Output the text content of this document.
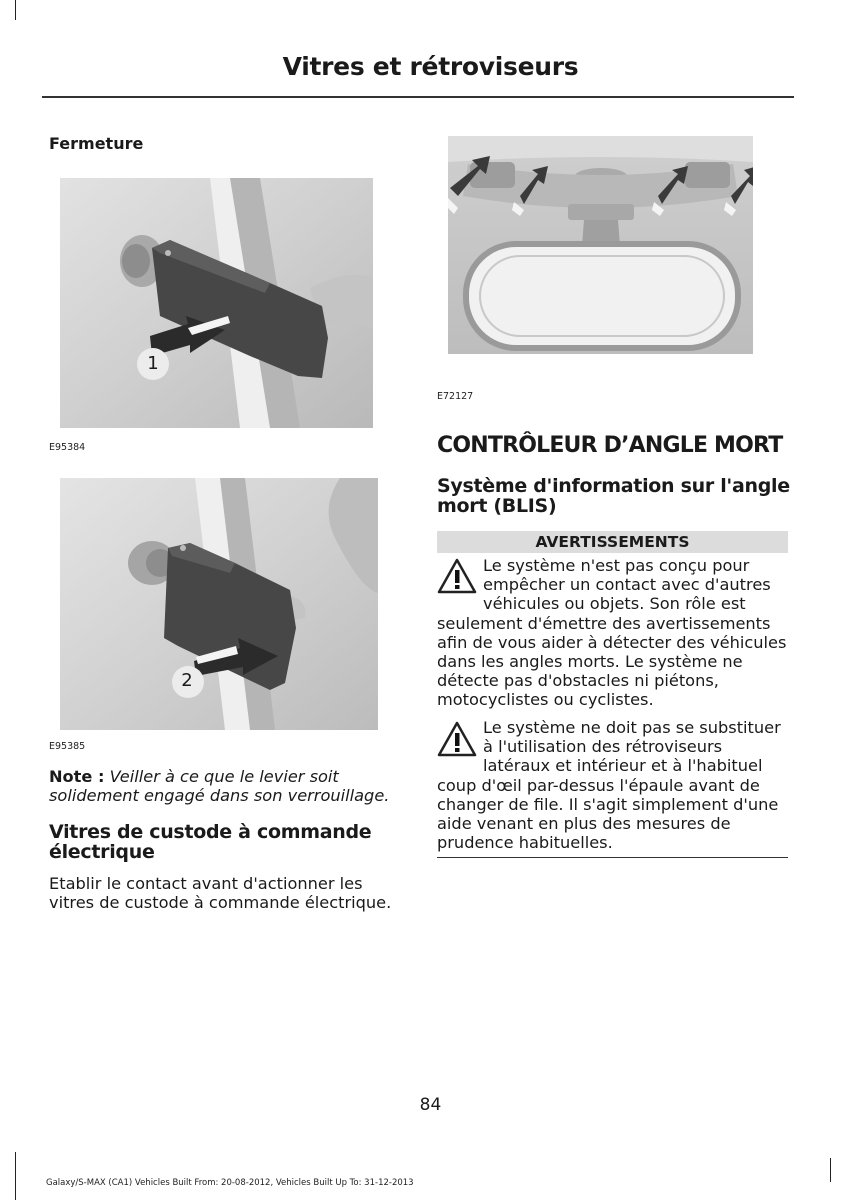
Vitres et rétroviseurs
Fermeture
1
E95384
2
E95385
Note : Veiller à ce que le levier soit solidement engagé dans son verrouillage.
Vitres de custode à commande électrique
Etablir le contact avant d'actionner les vitres de custode à commande électrique.
E72127
CONTRÔLEUR D’ANGLE MORT
Système d'information sur l'angle mort (BLIS)
AVERTISSEMENTS
Le système n'est pas conçu pour empêcher un contact avec d'autres véhicules ou objets. Son rôle est
seulement d'émettre des avertissements afin de vous aider à détecter des véhicules dans les angles morts. Le système ne détecte pas d'obstacles ni piétons, motocyclistes ou cyclistes.
Le système ne doit pas se substituer à l'utilisation des rétroviseurs latéraux et intérieur et à l'habituel
coup d'œil par-dessus l'épaule avant de changer de file. Il s'agit simplement d'une aide venant en plus des mesures de prudence habituelles.
84
Galaxy/S-MAX (CA1) Vehicles Built From: 20-08-2012, Vehicles Built Up To: 31-12-2013
